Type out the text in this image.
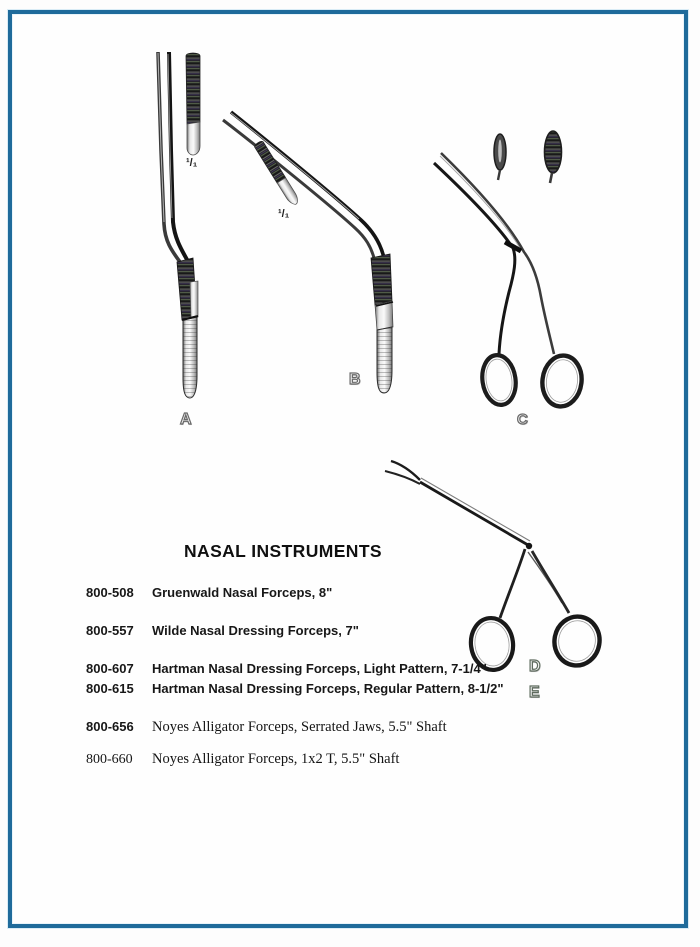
A
B
C
D
E
¹/₁
¹/₁
NASAL INSTRUMENTS
800-508	Gruenwald Nasal Forceps, 8"
800-557	Wilde Nasal Dressing Forceps, 7"
800-607	Hartman Nasal Dressing Forceps, Light Pattern, 7-1/4"
800-615	Hartman Nasal Dressing Forceps, Regular Pattern, 8-1/2"
800-656	Noyes Alligator Forceps, Serrated Jaws, 5.5" Shaft
800-660	Noyes Alligator Forceps, 1x2 T, 5.5" Shaft
